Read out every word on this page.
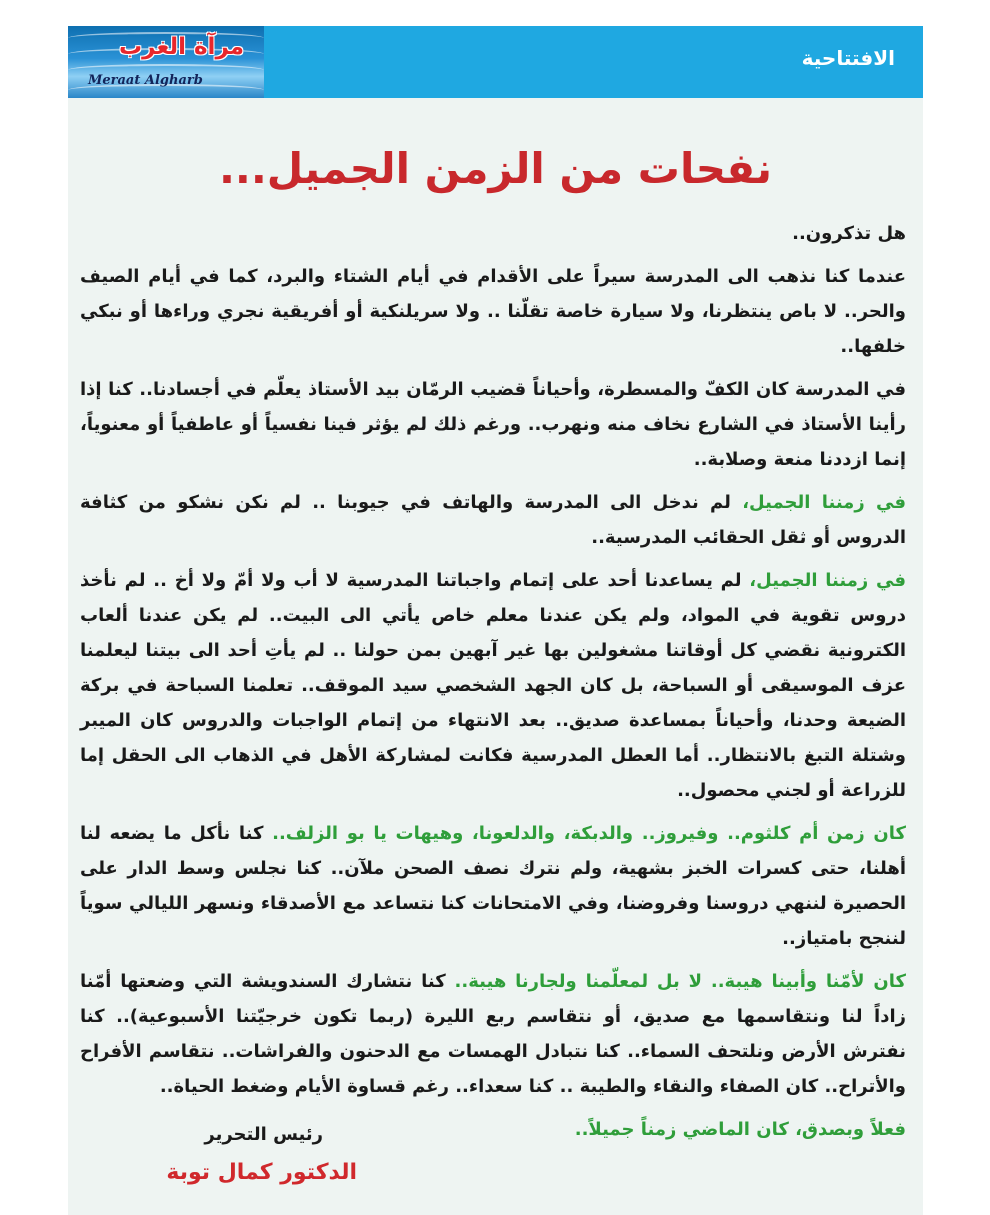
مرآة الغرب
Meraat Algharb
الافتتاحية
نفحات من الزمن الجميل...

هل تذكرون..

عندما كنا نذهب الى المدرسة سيراً على الأقدام في أيام الشتاء والبرد، كما في أيام الصيف والحر.. لا باص ينتظرنا، ولا سيارة خاصة تقلّنا .. ولا سريلنكية أو أفريقية نجري وراءها أو نبكي خلفها..

في المدرسة كان الكفّ والمسطرة، وأحياناً قضيب الرمّان بيد الأستاذ يعلّم في أجسادنا.. كنا إذا رأينا الأستاذ في الشارع نخاف منه ونهرب.. ورغم ذلك لم يؤثر فينا نفسياً أو عاطفياً أو معنوياً، إنما ازددنا منعة وصلابة..

في زمننا الجميل، لم ندخل الى المدرسة والهاتف في جيوبنا .. لم نكن نشكو من كثافة الدروس أو ثقل الحقائب المدرسية..

في زمننا الجميل، لم يساعدنا أحد على إتمام واجباتنا المدرسية لا أب ولا أمّ ولا أخ .. لم نأخذ دروس تقوية في المواد، ولم يكن عندنا معلم خاص يأتي الى البيت.. لم يكن عندنا ألعاب الكترونية نقضي كل أوقاتنا مشغولين بها غير آبهين بمن حولنا .. لم يأتِ أحد الى بيتنا ليعلمنا عزف الموسيقى أو السباحة، بل كان الجهد الشخصي سيد الموقف.. تعلمنا السباحة في بركة الضيعة وحدنا، وأحياناً بمساعدة صديق.. بعد الانتهاء من إتمام الواجبات والدروس كان الميبر وشتلة التبغ بالانتظار.. أما العطل المدرسية فكانت لمشاركة الأهل في الذهاب الى الحقل إما للزراعة أو لجني محصول..

كان زمن أم كلثوم.. وفيروز.. والدبكة، والدلعونا، وهيهات يا بو الزلف.. كنا نأكل ما يضعه لنا أهلنا، حتى كسرات الخبز بشهية، ولم نترك نصف الصحن ملآن.. كنا نجلس وسط الدار على الحصيرة لننهي دروسنا وفروضنا، وفي الامتحانات كنا نتساعد مع الأصدقاء ونسهر الليالي سوياً لننجح بامتياز..

كان لأمّنا وأبينا هيبة.. لا بل لمعلّمنا ولجارنا هيبة.. كنا نتشارك السندويشة التي وضعتها أمّنا زاداً لنا ونتقاسمها مع صديق، أو نتقاسم ربع الليرة (ربما تكون خرجيّتنا الأسبوعية).. كنا نفترش الأرض ونلتحف السماء.. كنا نتبادل الهمسات مع الدحنون والفراشات.. نتقاسم الأفراح والأتراح.. كان الصفاء والنقاء والطيبة .. كنا سعداء.. رغم قساوة الأيام وضغط الحياة..

فعلاً وبصدق، كان الماضي زمناً جميلاً..

رئيس التحرير
الدكتور كمال توبة
